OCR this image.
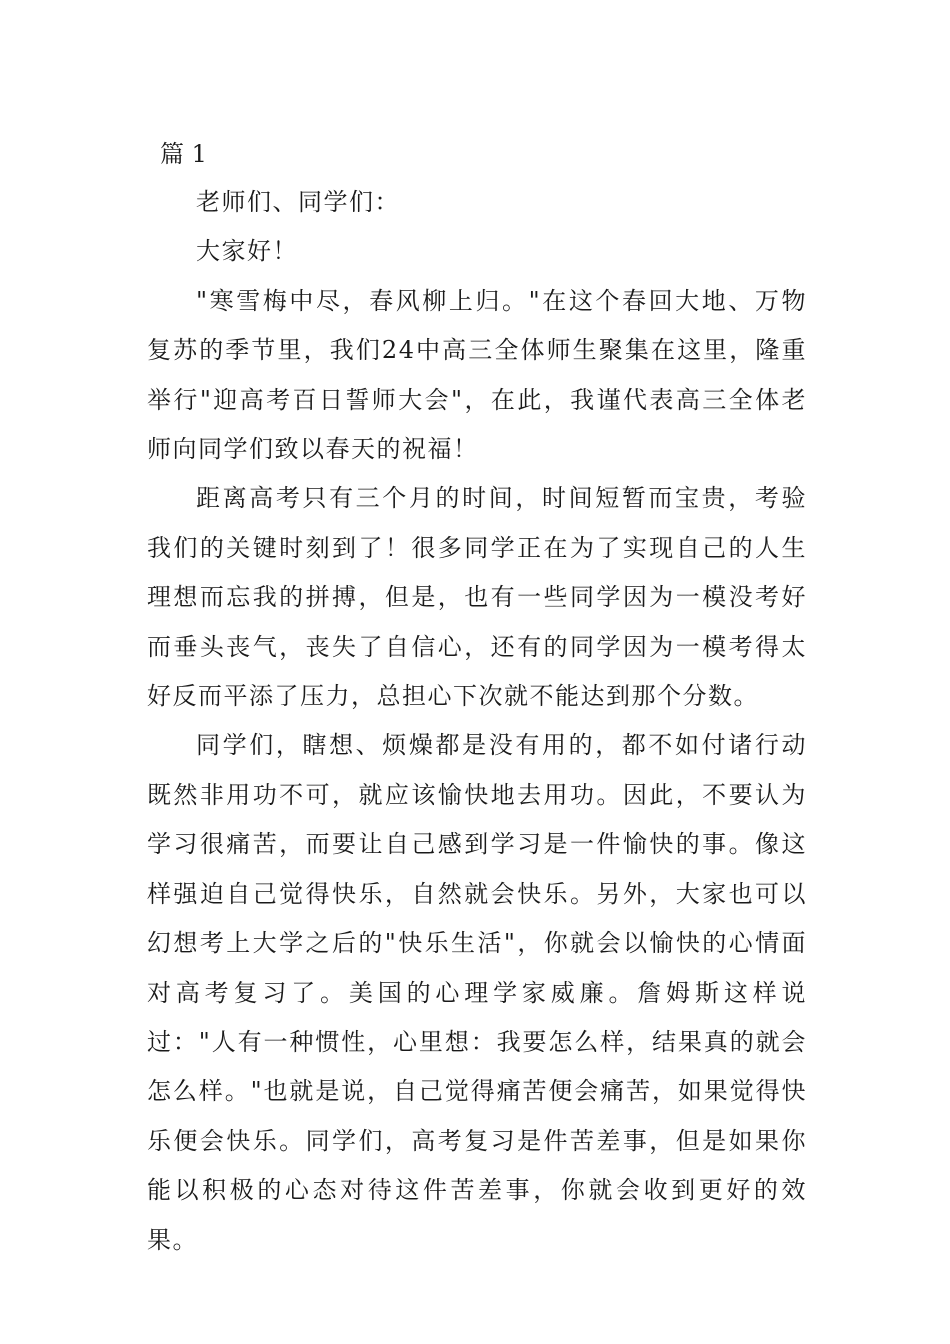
篇 1

老师们、同学们：

大家好！

"寒雪梅中尽，春风柳上归。"在这个春回大地、万物复苏的季节里，我们24中高三全体师生聚集在这里，隆重举行"迎高考百日誓师大会"，在此，我谨代表高三全体老师向同学们致以春天的祝福！

距离高考只有三个月的时间，时间短暂而宝贵，考验我们的关键时刻到了！很多同学正在为了实现自己的人生理想而忘我的拼搏，但是，也有一些同学因为一模没考好而垂头丧气，丧失了自信心，还有的同学因为一模考得太好反而平添了压力，总担心下次就不能达到那个分数。

同学们，瞎想、烦燥都是没有用的，都不如付诸行动既然非用功不可，就应该愉快地去用功。因此，不要认为学习很痛苦，而要让自己感到学习是一件愉快的事。像这样强迫自己觉得快乐，自然就会快乐。另外，大家也可以幻想考上大学之后的"快乐生活"，你就会以愉快的心情面对高考复习了。美国的心理学家威廉。詹姆斯这样说过："人有一种惯性，心里想：我要怎么样，结果真的就会怎么样。"也就是说，自己觉得痛苦便会痛苦，如果觉得快乐便会快乐。同学们，高考复习是件苦差事，但是如果你能以积极的心态对待这件苦差事，你就会收到更好的效果。
